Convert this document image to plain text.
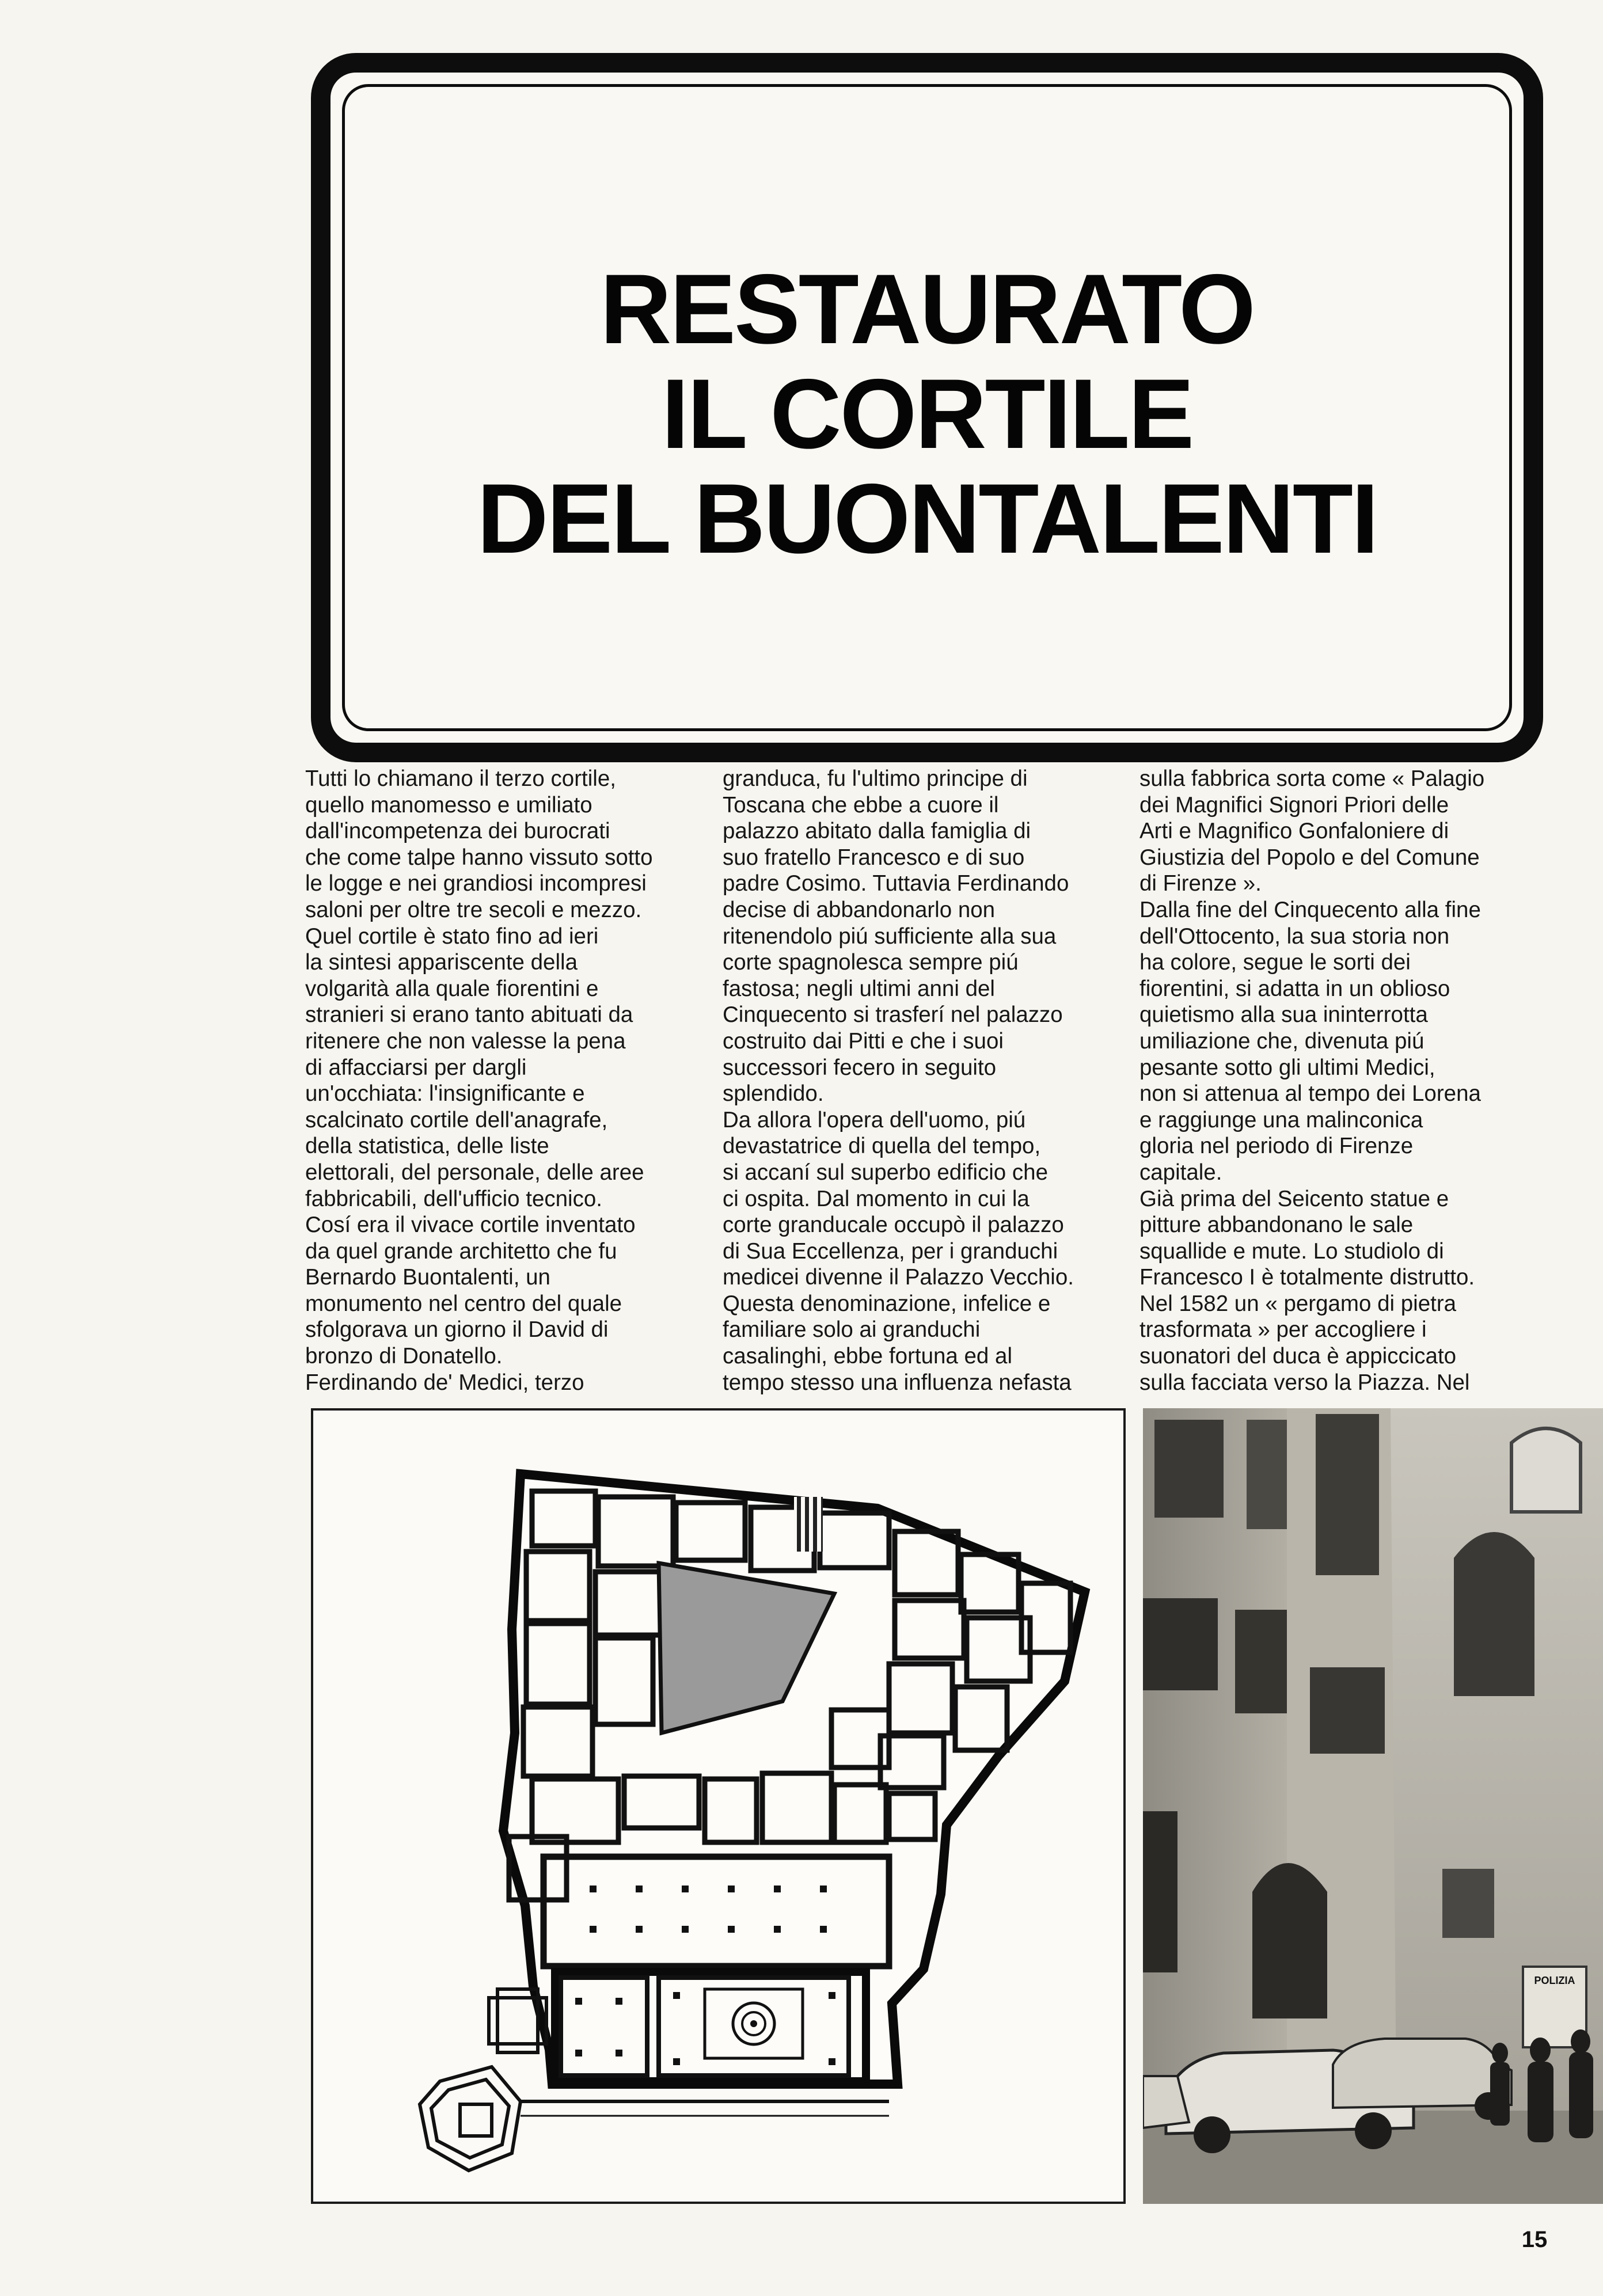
RESTAURATO
IL CORTILE
DEL BUONTALENTI

Tutti lo chiamano il terzo cortile,

quello manomesso e umiliato

dall'incompetenza dei burocrati

che come talpe hanno vissuto sotto

le logge e nei grandiosi incompresi

saloni per oltre tre secoli e mezzo.

Quel cortile è stato fino ad ieri

la sintesi appariscente della

volgarità alla quale fiorentini e

stranieri si erano tanto abituati da

ritenere che non valesse la pena

di affacciarsi per dargli

un'occhiata: l'insignificante e

scalcinato cortile dell'anagrafe,

della statistica, delle liste

elettorali, del personale, delle aree

fabbricabili, dell'ufficio tecnico.

Cosí era il vivace cortile inventato

da quel grande architetto che fu

Bernardo Buontalenti, un

monumento nel centro del quale

sfolgorava un giorno il David di

bronzo di Donatello.

Ferdinando de' Medici, terzo

granduca, fu l'ultimo principe di

Toscana che ebbe a cuore il

palazzo abitato dalla famiglia di

suo fratello Francesco e di suo

padre Cosimo. Tuttavia Ferdinando

decise di abbandonarlo non

ritenendolo piú sufficiente alla sua

corte spagnolesca sempre piú

fastosa; negli ultimi anni del

Cinquecento si trasferí nel palazzo

costruito dai Pitti e che i suoi

successori fecero in seguito

splendido.

Da allora l'opera dell'uomo, piú

devastatrice di quella del tempo,

si accaní sul superbo edificio che

ci ospita. Dal momento in cui la

corte granducale occupò il palazzo

di Sua Eccellenza, per i granduchi

medicei divenne il Palazzo Vecchio.

Questa denominazione, infelice e

familiare solo ai granduchi

casalinghi, ebbe fortuna ed al

tempo stesso una influenza nefasta

sulla fabbrica sorta come « Palagio

dei Magnifici Signori Priori delle

Arti e Magnifico Gonfaloniere di

Giustizia del Popolo e del Comune

di Firenze ».

Dalla fine del Cinquecento alla fine

dell'Ottocento, la sua storia non

ha colore, segue le sorti dei

fiorentini, si adatta in un oblioso

quietismo alla sua ininterrotta

umiliazione che, divenuta piú

pesante sotto gli ultimi Medici,

non si attenua al tempo dei Lorena

e raggiunge una malinconica

gloria nel periodo di Firenze

capitale.

Già prima del Seicento statue e

pitture abbandonano le sale

squallide e mute. Lo studiolo di

Francesco I è totalmente distrutto.

Nel 1582 un « pergamo di pietra

trasformata » per accogliere i

suonatori del duca è appiccicato

sulla facciata verso la Piazza. Nel

POLIZIA
15
